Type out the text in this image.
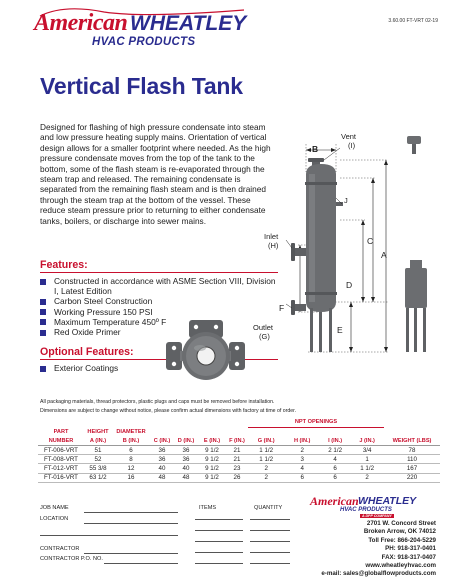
American WHEATLEY
HVAC PRODUCTS
3.60.00 FT-VRT 02-19
Vertical Flash Tank
Designed for flashing of high pressure condensate into steam and low pressure heating supply mains. Orientation of vertical design allows for a smaller footprint where needed. As the high pressure condensate moves from the top of the tank to the bottom, some of the flash steam is re-evaporated through the steam trap and released. The remaining condensate is separated from the remaining flash steam and is then drained through the steam trap at the bottom of the vessel. These reduce steam pressure prior to returning to either condensate tanks, boilers, or discharge into sewer mains.
Features:
Constructed in accordance with ASME Section VIII, Division I, Latest Edition
Carbon Steel Construction
Working Pressure 150 PSI
Maximum Temperature 450º F
Red Oxide Primer
Optional Features:
Exterior Coatings
Vent
(I)
B
J
C
A
D
Inlet
(H)
F
Outlet
(G)
E
All packaging materials, thread protectors, plastic plugs and caps must be removed before installation.
Dimensions are subject to change without notice, please confirm actual dimensions with factory at time of order.
							NPT OPENINGS				
PART	HEIGHT	DIAMETER									
NUMBER	A (IN.)	B (IN.)	C (IN.)	D (IN.)	E (IN.)	F (IN.)	G (IN.)	H (IN.)	I (IN.)	J (IN.)	WEIGHT (LBS)
FT-006-VRT	51	6	36	36	9 1/2	21	1 1/2	2	2 1/2	3/4	78
FT-008-VRT	52	8	36	36	9 1/2	21	1 1/2	3	4	1	110
FT-012-VRT	55 3/8	12	40	40	9 1/2	23	2	4	6	1 1/2	167
FT-016-VRT	63 1/2	16	48	48	9 1/2	26	2	6	6	2	220
JOB NAME
LOCATION
CONTRACTOR
CONTRACTOR P.O. NO.
ITEMS	QUANTITY American WHEATLEY
HVAC PRODUCTS
A DPP COMPANY
2701 W. Concord Street
Broken Arrow, OK 74012
Toll Free: 866-204-5229
PH: 918-317-0401
FAX: 918-317-0407
www.wheatleyhvac.com
e-mail: sales@globalflowproducts.com
